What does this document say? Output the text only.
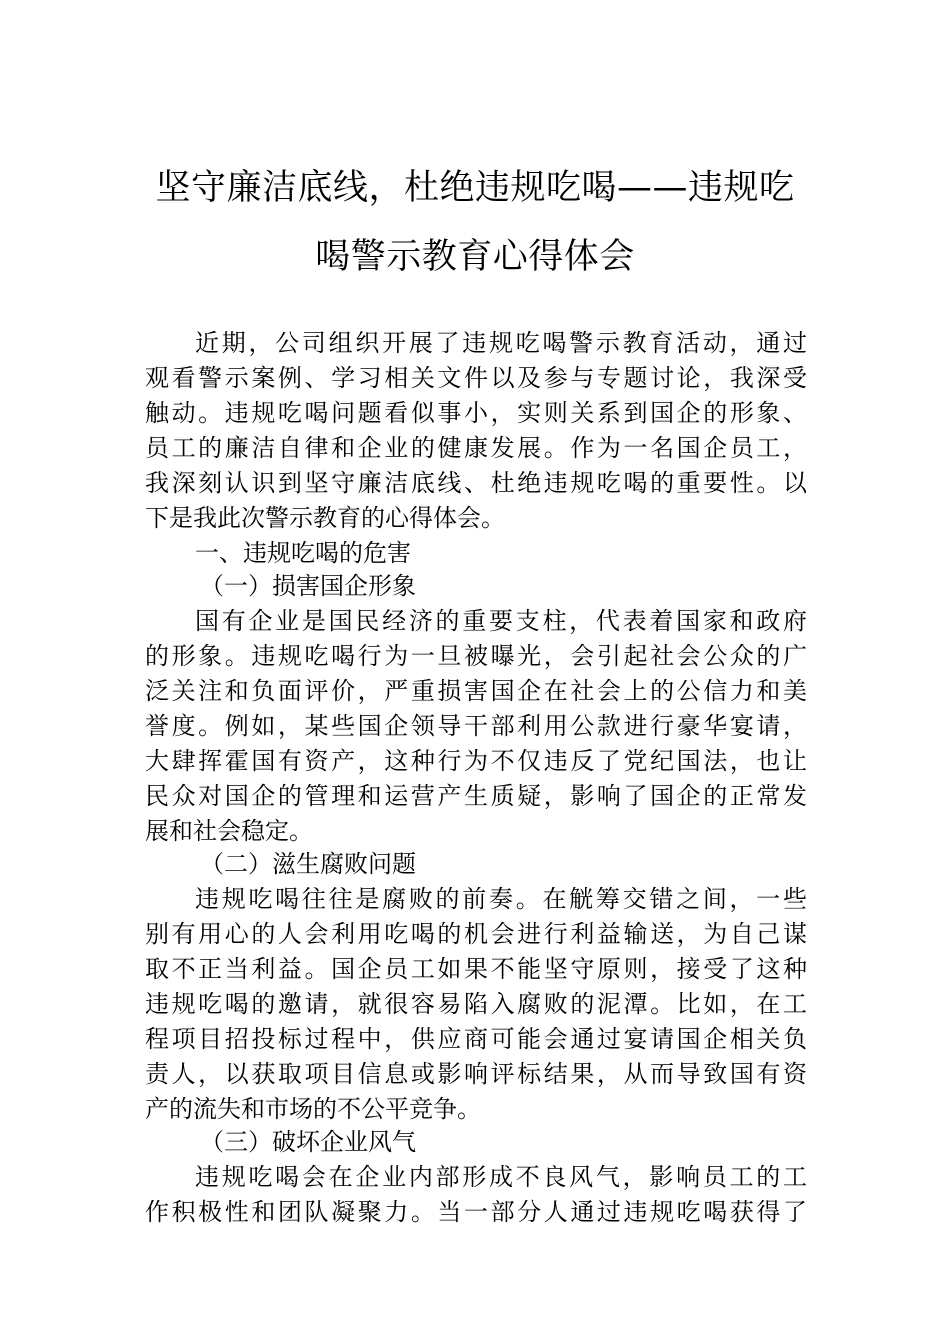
坚守廉洁底线，杜绝违规吃喝——违规吃
喝警示教育心得体会
近期，公司组织开展了违规吃喝警示教育活动，通过
观看警示案例、学习相关文件以及参与专题讨论，我深受
触动。违规吃喝问题看似事小，实则关系到国企的形象、
员工的廉洁自律和企业的健康发展。作为一名国企员工，
我深刻认识到坚守廉洁底线、杜绝违规吃喝的重要性。以
下是我此次警示教育的心得体会。
一、违规吃喝的危害
（一）损害国企形象
国有企业是国民经济的重要支柱，代表着国家和政府
的形象。违规吃喝行为一旦被曝光，会引起社会公众的广
泛关注和负面评价，严重损害国企在社会上的公信力和美
誉度。例如，某些国企领导干部利用公款进行豪华宴请，
大肆挥霍国有资产，这种行为不仅违反了党纪国法，也让
民众对国企的管理和运营产生质疑，影响了国企的正常发
展和社会稳定。
（二）滋生腐败问题
违规吃喝往往是腐败的前奏。在觥筹交错之间，一些
别有用心的人会利用吃喝的机会进行利益输送，为自己谋
取不正当利益。国企员工如果不能坚守原则，接受了这种
违规吃喝的邀请，就很容易陷入腐败的泥潭。比如，在工
程项目招投标过程中，供应商可能会通过宴请国企相关负
责人，以获取项目信息或影响评标结果，从而导致国有资
产的流失和市场的不公平竞争。
（三）破坏企业风气
违规吃喝会在企业内部形成不良风气，影响员工的工
作积极性和团队凝聚力。当一部分人通过违规吃喝获得了
